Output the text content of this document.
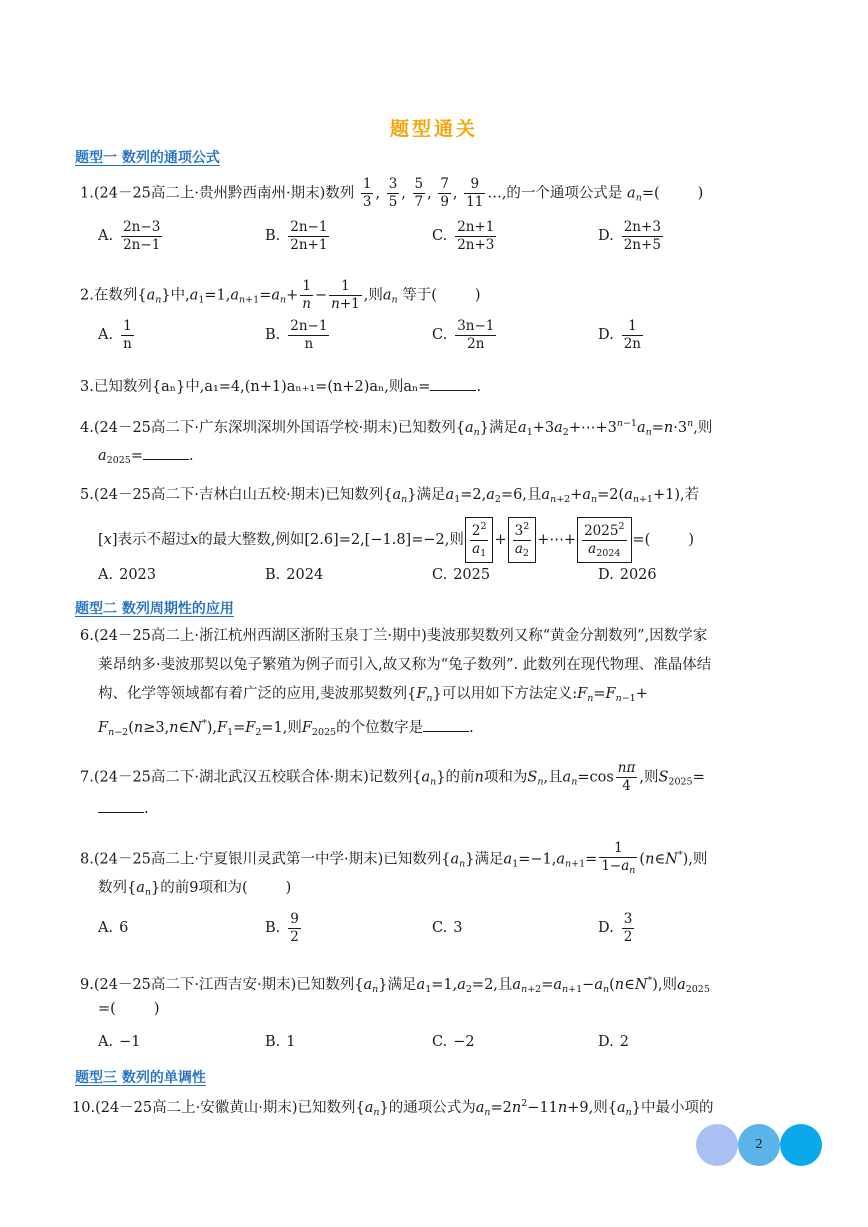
题型通关
题型一 数列的通项公式
1.(24－25高二上·贵州黔西南州·期末)数列 $\frac{1}{3}$ , $\frac{3}{5}$ , $\frac{5}{7}$ , $\frac{7}{9}$ , $\frac{9}{11}$ …,的一个通项公式是 $a_n=$(	)
A. $\frac{2n-3}{2n-1}$	B. $\frac{2n-1}{2n+1}$	C. $\frac{2n+1}{2n+3}$	D. $\frac{2n+3}{2n+5}$
2.在数列$\{a_n\}$中$,a_1=1,a_{n+1}=a_n+ \frac{1}{n} - \frac{1}{n+1}$ ,则$a_n$ 等于(	)
A. $\frac{1}{n}$	B. $\frac{2n-1}{n}$	C. $\frac{3n-1}{2n}$	D. $\frac{1}{2n}$
3.已知数列{aₙ}中,a₁=4,(n+1)aₙ₊₁=(n+2)aₙ,则aₙ=	.
4.(24－25高二下·广东深圳深圳外国语学校·期末)已知数列$\{a_n\}$满足$a_1+3a_2+\cdots+3^{n-1}a_n=n\cdot 3^n$,则
$a_{2025}=$	.
5.(24－25高二下·吉林白山五校·期末)已知数列$\{a_n\}$满足$a_1=2,a_2=6$,且$a_{n+2}+a_n=2(a_{n+1}+1)$,若
[x]表示不超过x的最大整数,例如[2.6]=2,[−1.8]=−2,则 $\frac{2^2}{a_1} + \frac{3^2}{a_2}$ +⋯+ $\frac{2025^2}{a_{2024}}$ =(	)
A. 2023	B. 2024	C. 2025	D. 2026
题型二 数列周期性的应用
6.(24－25高二上·浙江杭州西湖区浙附玉泉丁兰·期中)斐波那契数列又称“黄金分割数列”,因数学家
莱昂纳多·斐波那契以兔子繁殖为例子而引入,故又称为“兔子数列”. 此数列在现代物理、准晶体结
构、化学等领域都有着广泛的应用,斐波那契数列$\{F_n\}$可以用如下方法定义$:F_n=F_{n-1}+$
$F_{n-2}(n\ge 3,n\in N^*),F_1=F_2=1$,则$F_{2025}$的个位数字是	.
7.(24－25高二下·湖北武汉五校联合体·期末)记数列$\{a_n\}$的前n项和为$S_n$,且$a_n=\cos \frac{n\pi}{4}$ ,则$S_{2025}=$
.
8.(24－25高二上·宁夏银川灵武第一中学·期末)已知数列$\{a_n\}$满足$a_1=-1,a_{n+1}= \frac{1}{1-a_n}$ (n∈N*),则
数列$\{a_n\}$的前9项和为(	)
A. 6	B. $\frac{9}{2}$	C. 3	D. $\frac{3}{2}$
9.(24－25高二下·江西吉安·期末)已知数列$\{a_n\}$满足$a_1=1,a_2=2$,且$a_{n+2}=a_{n+1}-a_n(n\in N^*)$,则$a_{2025}$
=(	)
A. −1	B. 1	C. −2	D. 2
题型三 数列的单调性
10.(24－25高二上·安徽黄山·期末)已知数列$\{a_n\}$的通项公式为$a_n=2n^2-11n+9$,则$\{a_n\}$中最小项的
2
